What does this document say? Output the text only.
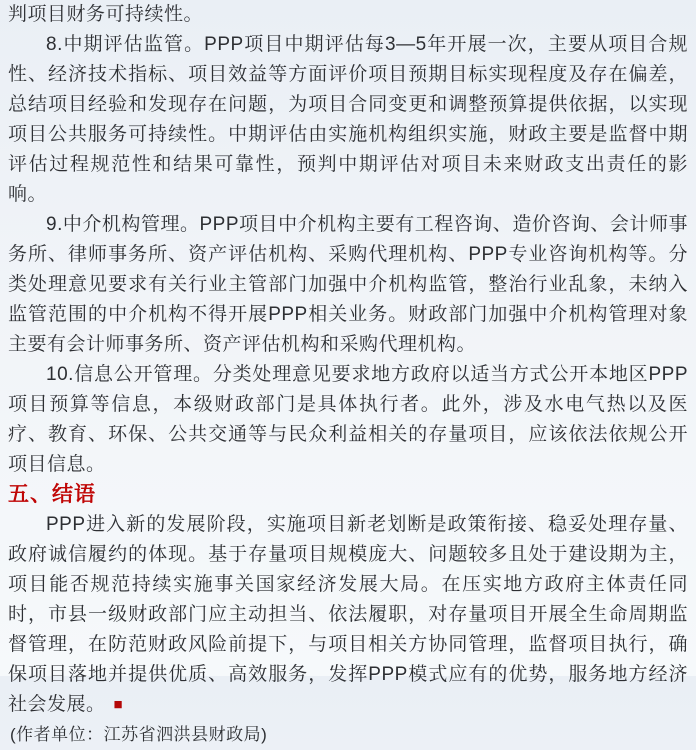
判项目财务可持续性。

8.中期评估监管。PPP项目中期评估每3—5年开展一次，主要从项目合规性、经济技术指标、项目效益等方面评价项目预期目标实现程度及存在偏差，总结项目经验和发现存在问题，为项目合同变更和调整预算提供依据，以实现项目公共服务可持续性。中期评估由实施机构组织实施，财政主要是监督中期评估过程规范性和结果可靠性，预判中期评估对项目未来财政支出责任的影响。

9.中介机构管理。PPP项目中介机构主要有工程咨询、造价咨询、会计师事务所、律师事务所、资产评估机构、采购代理机构、PPP专业咨询机构等。分类处理意见要求有关行业主管部门加强中介机构监管，整治行业乱象，未纳入监管范围的中介机构不得开展PPP相关业务。财政部门加强中介机构管理对象主要有会计师事务所、资产评估机构和采购代理机构。

10.信息公开管理。分类处理意见要求地方政府以适当方式公开本地区PPP项目预算等信息，本级财政部门是具体执行者。此外，涉及水电气热以及医疗、教育、环保、公共交通等与民众利益相关的存量项目，应该依法依规公开项目信息。

五、结语

PPP进入新的发展阶段，实施项目新老划断是政策衔接、稳妥处理存量、政府诚信履约的体现。基于存量项目规模庞大、问题较多且处于建设期为主，项目能否规范持续实施事关国家经济发展大局。在压实地方政府主体责任同时，市县一级财政部门应主动担当、依法履职，对存量项目开展全生命周期监督管理，在防范财政风险前提下，与项目相关方协同管理，监督项目执行，确保项目落地并提供优质、高效服务，发挥PPP模式应有的优势，服务地方经济社会发展。 ■

(作者单位：江苏省泗洪县财政局)
